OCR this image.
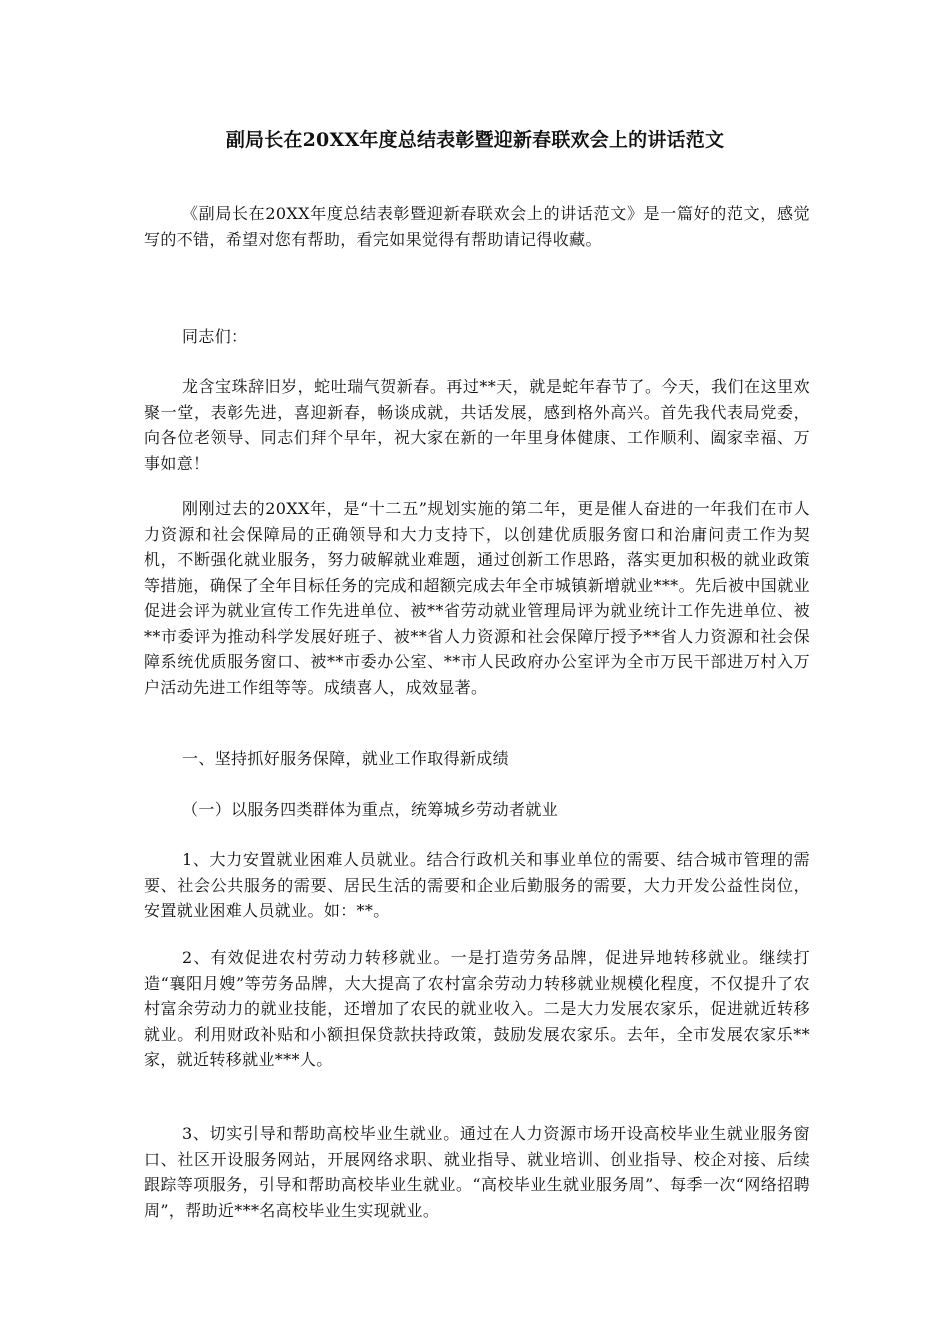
副局长在20XX年度总结表彰暨迎新春联欢会上的讲话范文

《副局长在20XX年度总结表彰暨迎新春联欢会上的讲话范文》是一篇好的范文，感觉写的不错，希望对您有帮助，看完如果觉得有帮助请记得收藏。

同志们：

龙含宝珠辞旧岁，蛇吐瑞气贺新春。再过**天，就是蛇年春节了。今天，我们在这里欢聚一堂，表彰先进，喜迎新春，畅谈成就，共话发展，感到格外高兴。首先我代表局党委，向各位老领导、同志们拜个早年，祝大家在新的一年里身体健康、工作顺利、阖家幸福、万事如意！

刚刚过去的20XX年，是“十二五”规划实施的第二年，更是催人奋进的一年我们在市人力资源和社会保障局的正确领导和大力支持下，以创建优质服务窗口和治庸问责工作为契机，不断强化就业服务，努力破解就业难题，通过创新工作思路，落实更加积极的就业政策等措施，确保了全年目标任务的完成和超额完成去年全市城镇新增就业***。先后被中国就业促进会评为就业宣传工作先进单位、被**省劳动就业管理局评为就业统计工作先进单位、被**市委评为推动科学发展好班子、被**省人力资源和社会保障厅授予**省人力资源和社会保障系统优质服务窗口、被**市委办公室、**市人民政府办公室评为全市万民干部进万村入万户活动先进工作组等等。成绩喜人，成效显著。

一、坚持抓好服务保障，就业工作取得新成绩

（一）以服务四类群体为重点，统筹城乡劳动者就业

1、大力安置就业困难人员就业。结合行政机关和事业单位的需要、结合城市管理的需要、社会公共服务的需要、居民生活的需要和企业后勤服务的需要，大力开发公益性岗位，安置就业困难人员就业。如：**。

2、有效促进农村劳动力转移就业。一是打造劳务品牌，促进异地转移就业。继续打造“襄阳月嫂”等劳务品牌，大大提高了农村富余劳动力转移就业规模化程度，不仅提升了农村富余劳动力的就业技能，还增加了农民的就业收入。二是大力发展农家乐，促进就近转移就业。利用财政补贴和小额担保贷款扶持政策，鼓励发展农家乐。去年，全市发展农家乐**家，就近转移就业***人。

3、切实引导和帮助高校毕业生就业。通过在人力资源市场开设高校毕业生就业服务窗口、社区开设服务网站，开展网络求职、就业指导、就业培训、创业指导、校企对接、后续跟踪等项服务，引导和帮助高校毕业生就业。“高校毕业生就业服务周”、每季一次“网络招聘周”，帮助近***名高校毕业生实现就业。
